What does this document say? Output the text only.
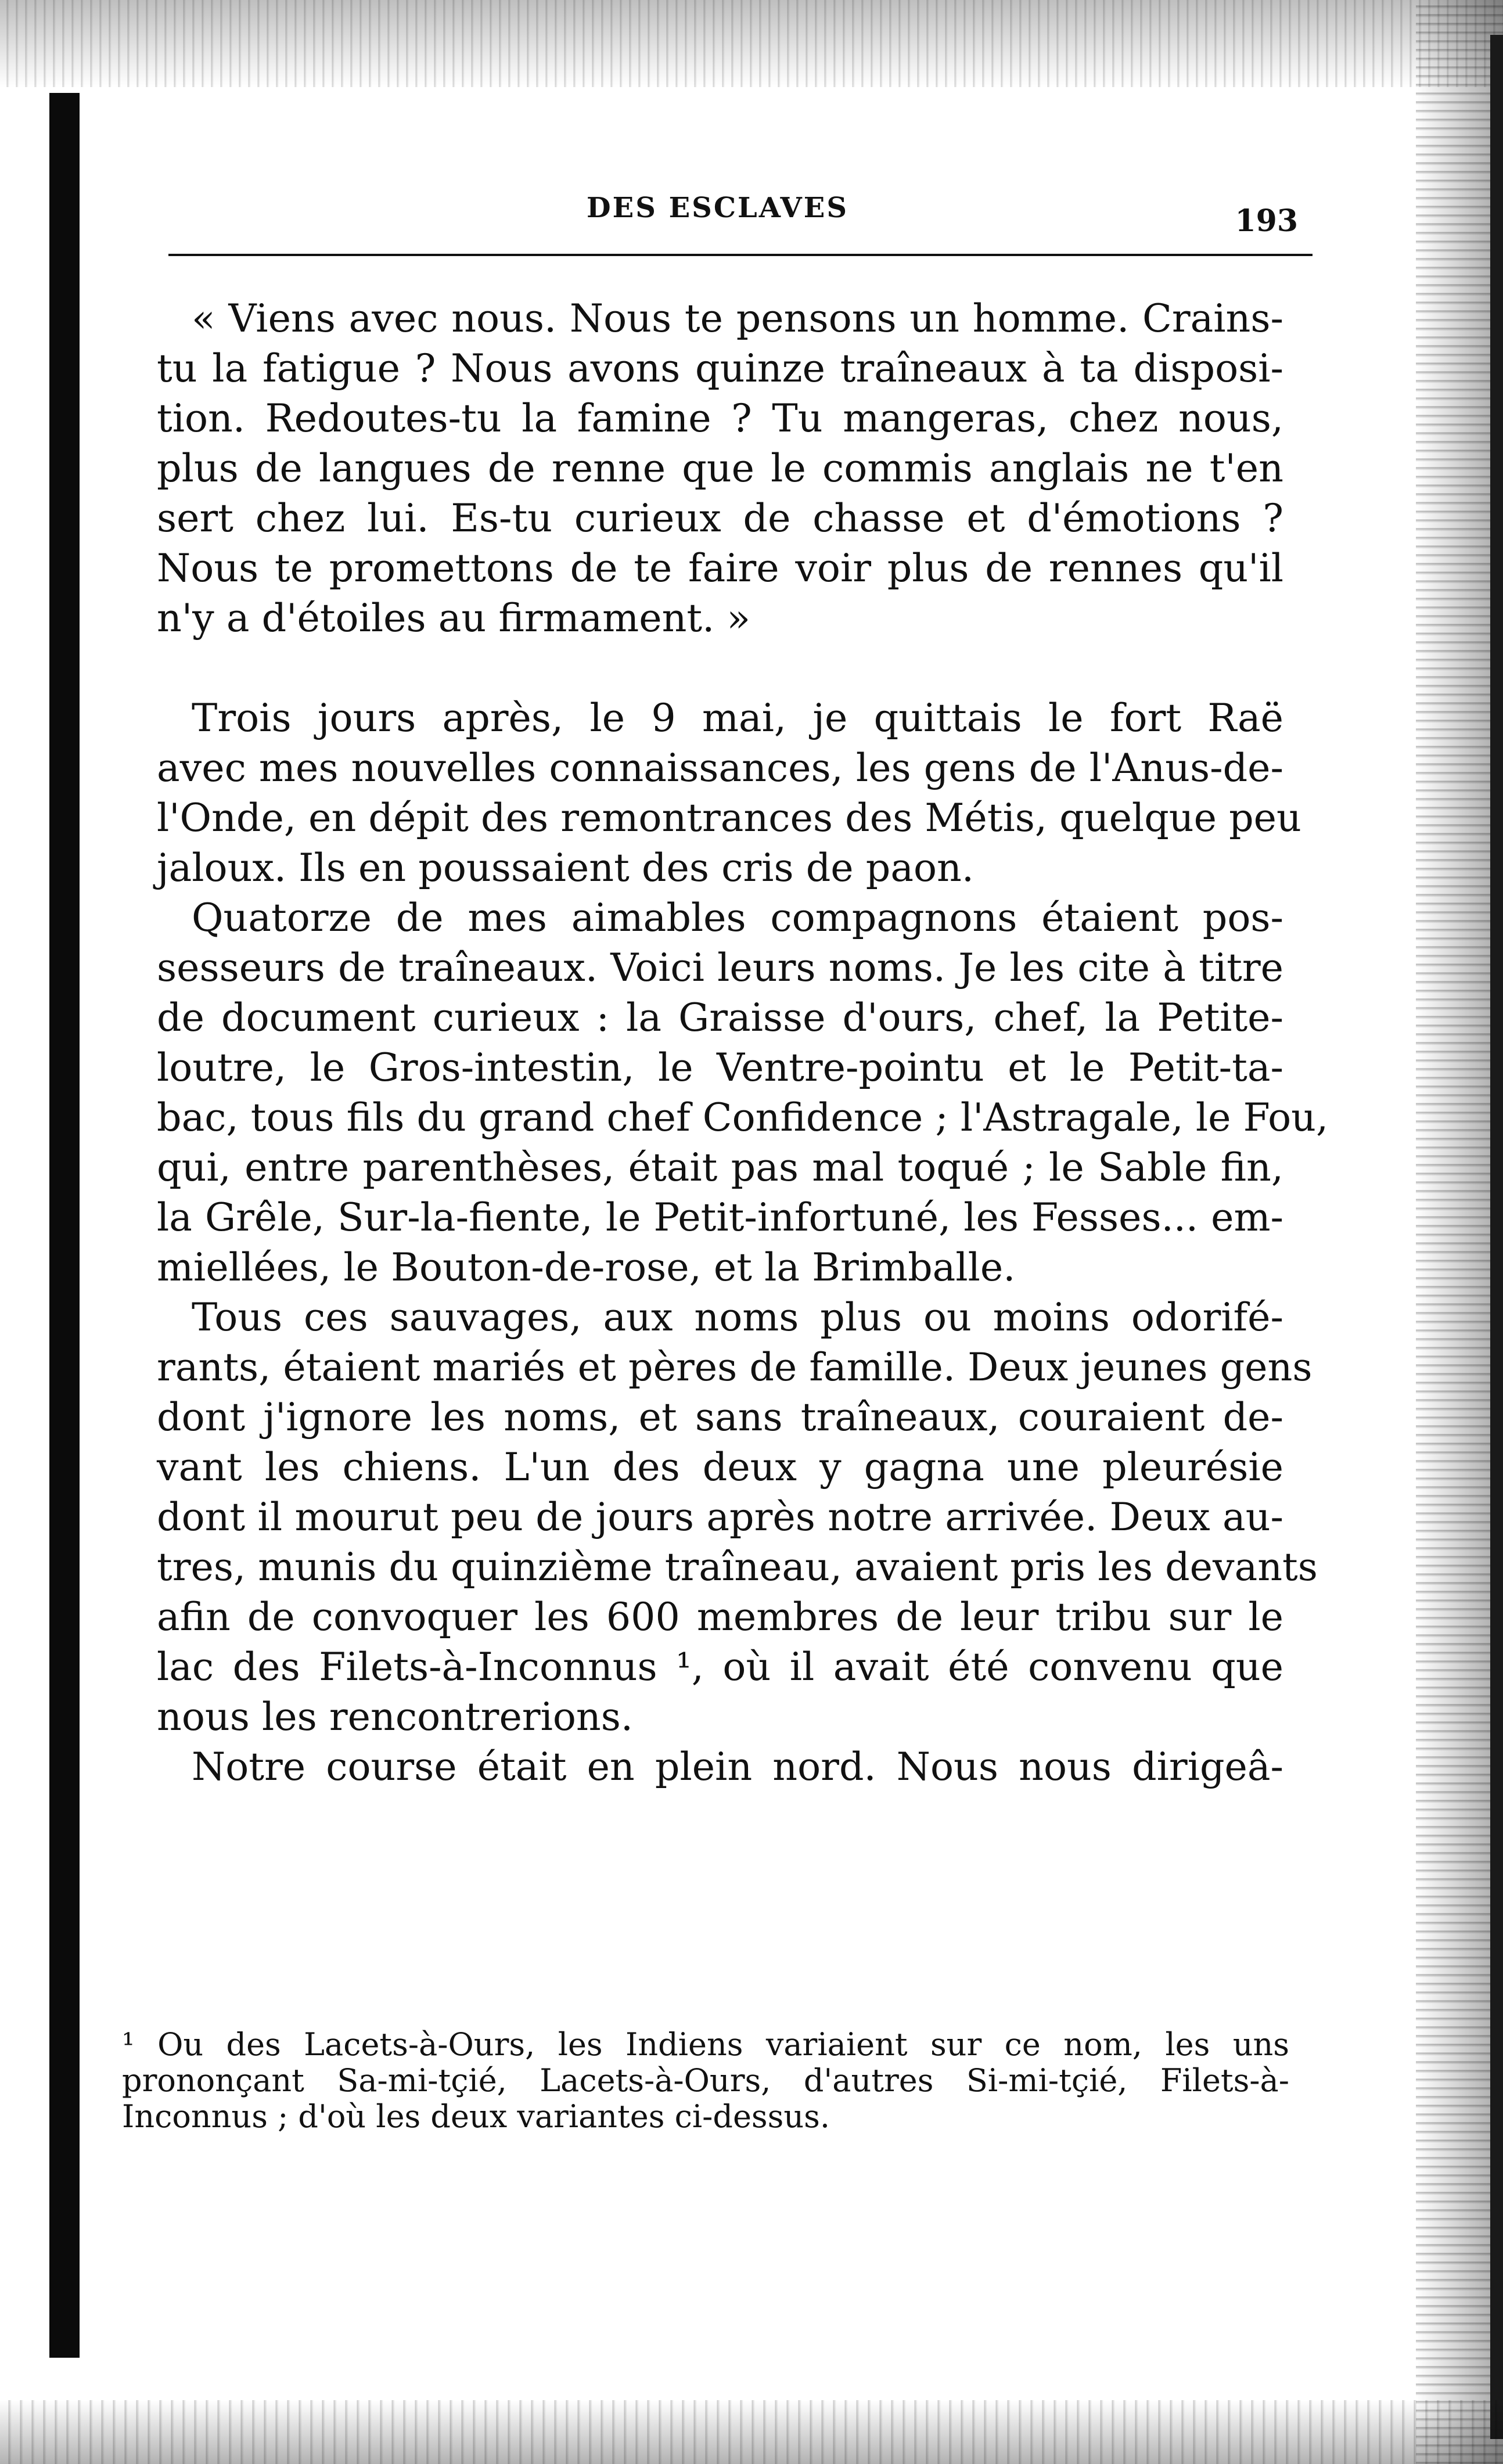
DES ESCLAVES	193

« Viens avec nous. Nous te pensons un homme. Crains-
tu la fatigue ? Nous avons quinze traîneaux à ta disposi-
tion. Redoutes-tu la famine ? Tu mangeras, chez nous,
plus de langues de renne que le commis anglais ne t'en
sert chez lui. Es-tu curieux de chasse et d'émotions ?
Nous te promettons de te faire voir plus de rennes qu'il
n'y a d'étoiles au firmament. »

Trois jours après, le 9 mai, je quittais le fort Raë
avec mes nouvelles connaissances, les gens de l'Anus-de-
l'Onde, en dépit des remontrances des Métis, quelque peu
jaloux. Ils en poussaient des cris de paon.

Quatorze de mes aimables compagnons étaient pos-
sesseurs de traîneaux. Voici leurs noms. Je les cite à titre
de document curieux : la Graisse d'ours, chef, la Petite-
loutre, le Gros-intestin, le Ventre-pointu et le Petit-ta-
bac, tous fils du grand chef Confidence ; l'Astragale, le Fou,
qui, entre parenthèses, était pas mal toqué ; le Sable fin,
la Grêle, Sur-la-fiente, le Petit-infortuné, les Fesses... em-
miellées, le Bouton-de-rose, et la Brimballe.

Tous ces sauvages, aux noms plus ou moins odorifé-
rants, étaient mariés et pères de famille. Deux jeunes gens
dont j'ignore les noms, et sans traîneaux, couraient de-
vant les chiens. L'un des deux y gagna une pleurésie
dont il mourut peu de jours après notre arrivée. Deux au-
tres, munis du quinzième traîneau, avaient pris les devants
afin de convoquer les 600 membres de leur tribu sur le
lac des Filets-à-Inconnus ¹, où il avait été convenu que
nous les rencontrerions.

Notre course était en plein nord. Nous nous dirigeâ-

¹ Ou des Lacets-à-Ours, les Indiens variaient sur ce nom, les uns
prononçant Sa-mi-tçié, Lacets-à-Ours, d'autres Si-mi-tçié, Filets-à-
Inconnus ; d'où les deux variantes ci-dessus.
